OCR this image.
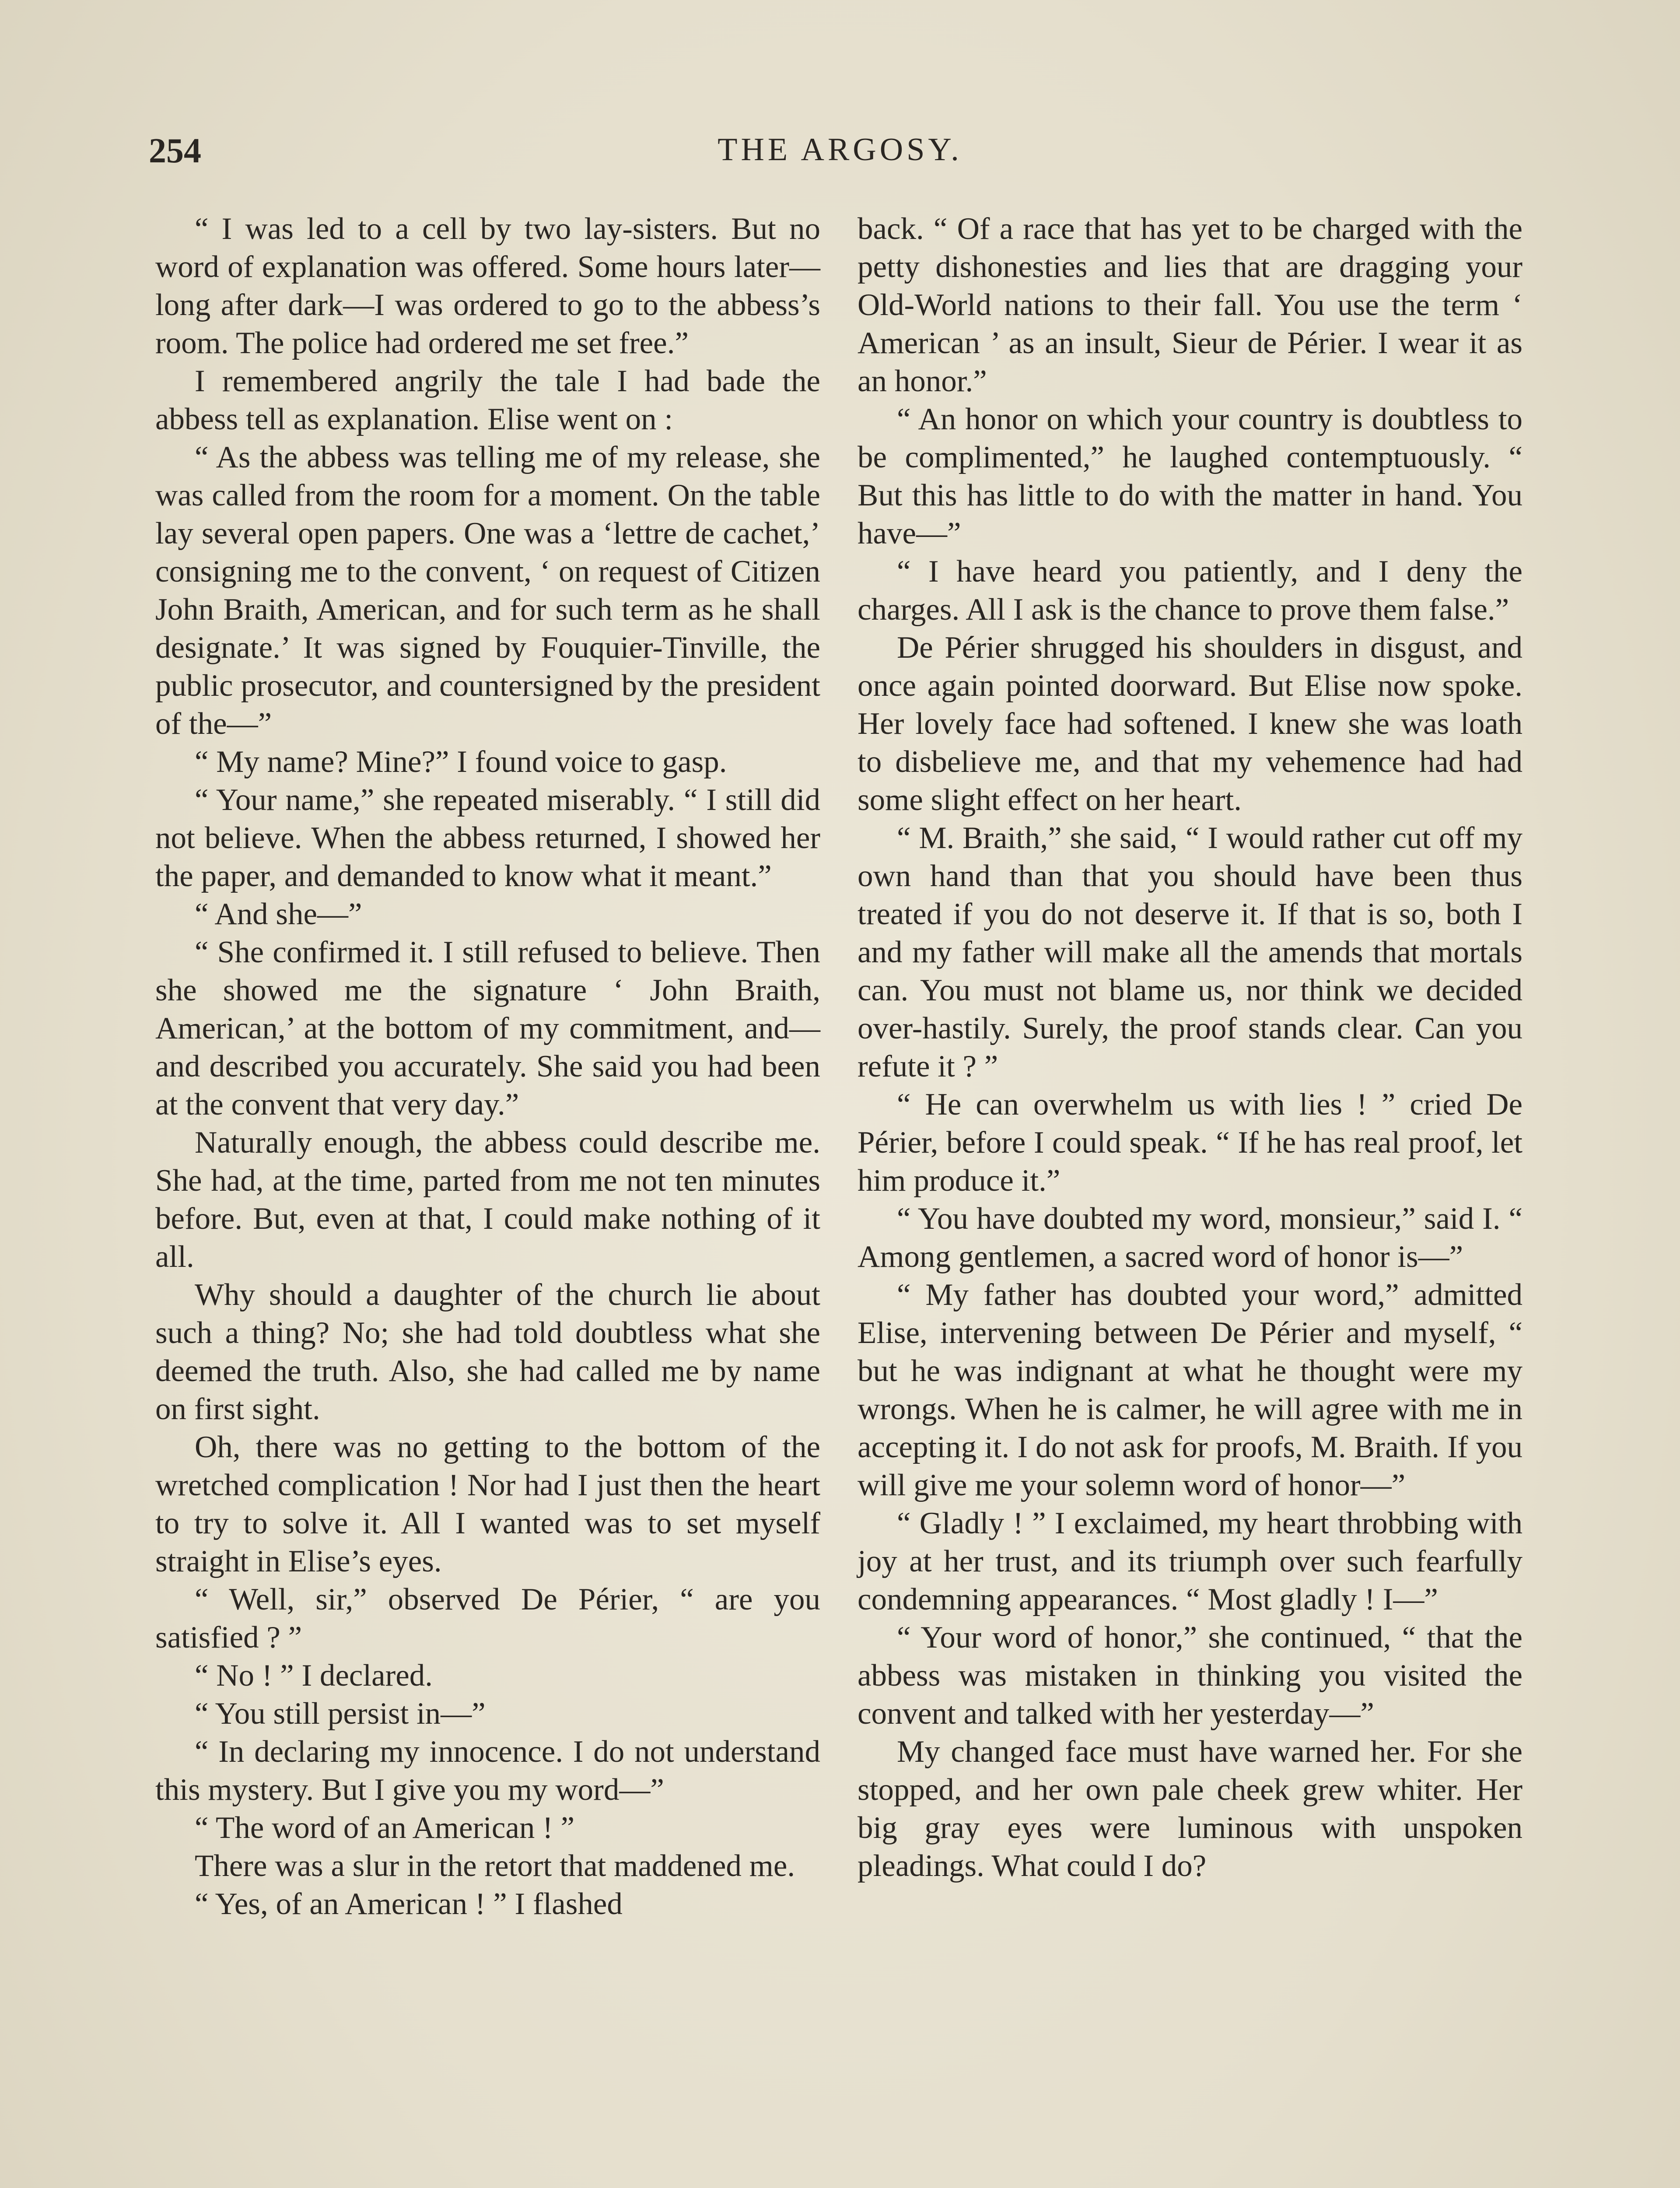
254	THE ARGOSY.

“ I was led to a cell by two lay-sisters. But no word of explanation was offered. Some hours later—long after dark—I was ordered to go to the abbess’s room. The police had ordered me set free.”

I remembered angrily the tale I had bade the abbess tell as explanation. Elise went on :

“ As the abbess was telling me of my release, she was called from the room for a moment. On the table lay several open papers. One was a ‘lettre de cachet,’ consigning me to the convent, ‘ on request of Citizen John Braith, American, and for such term as he shall designate.’ It was signed by Fouquier-Tinville, the public prosecutor, and countersigned by the president of the—”

“ My name? Mine?” I found voice to gasp.

“ Your name,” she repeated miserably. “ I still did not believe. When the abbess returned, I showed her the paper, and demanded to know what it meant.”

“ And she—”

“ She confirmed it. I still refused to believe. Then she showed me the signature ‘ John Braith, American,’ at the bottom of my commitment, and—and described you accurately. She said you had been at the convent that very day.”

Naturally enough, the abbess could describe me. She had, at the time, parted from me not ten minutes before. But, even at that, I could make nothing of it all.

Why should a daughter of the church lie about such a thing? No; she had told doubtless what she deemed the truth. Also, she had called me by name on first sight.

Oh, there was no getting to the bottom of the wretched complication ! Nor had I just then the heart to try to solve it. All I wanted was to set myself straight in Elise’s eyes.

“ Well, sir,” observed De Périer, “ are you satisfied ? ”

“ No ! ” I declared.

“ You still persist in—”

“ In declaring my innocence. I do not understand this mystery. But I give you my word—”

“ The word of an American ! ”

There was a slur in the retort that maddened me.

“ Yes, of an American ! ” I flashed

back. “ Of a race that has yet to be charged with the petty dishonesties and lies that are dragging your Old-World nations to their fall. You use the term ‘ American ’ as an insult, Sieur de Périer. I wear it as an honor.”

“ An honor on which your country is doubtless to be complimented,” he laughed contemptuously. “ But this has little to do with the matter in hand. You have—”

“ I have heard you patiently, and I deny the charges. All I ask is the chance to prove them false.”

De Périer shrugged his shoulders in disgust, and once again pointed doorward. But Elise now spoke. Her lovely face had softened. I knew she was loath to disbelieve me, and that my vehemence had had some slight effect on her heart.

“ M. Braith,” she said, “ I would rather cut off my own hand than that you should have been thus treated if you do not deserve it. If that is so, both I and my father will make all the amends that mortals can. You must not blame us, nor think we decided over-hastily. Surely, the proof stands clear. Can you refute it ? ”

“ He can overwhelm us with lies ! ” cried De Périer, before I could speak. “ If he has real proof, let him produce it.”

“ You have doubted my word, monsieur,” said I. “ Among gentlemen, a sacred word of honor is—”

“ My father has doubted your word,” admitted Elise, intervening between De Périer and myself, “ but he was indignant at what he thought were my wrongs. When he is calmer, he will agree with me in accepting it. I do not ask for proofs, M. Braith. If you will give me your solemn word of honor—”

“ Gladly ! ” I exclaimed, my heart throbbing with joy at her trust, and its triumph over such fearfully condemning appearances. “ Most gladly ! I—”

“ Your word of honor,” she continued, “ that the abbess was mistaken in thinking you visited the convent and talked with her yesterday—”

My changed face must have warned her. For she stopped, and her own pale cheek grew whiter. Her big gray eyes were luminous with unspoken pleadings. What could I do?
